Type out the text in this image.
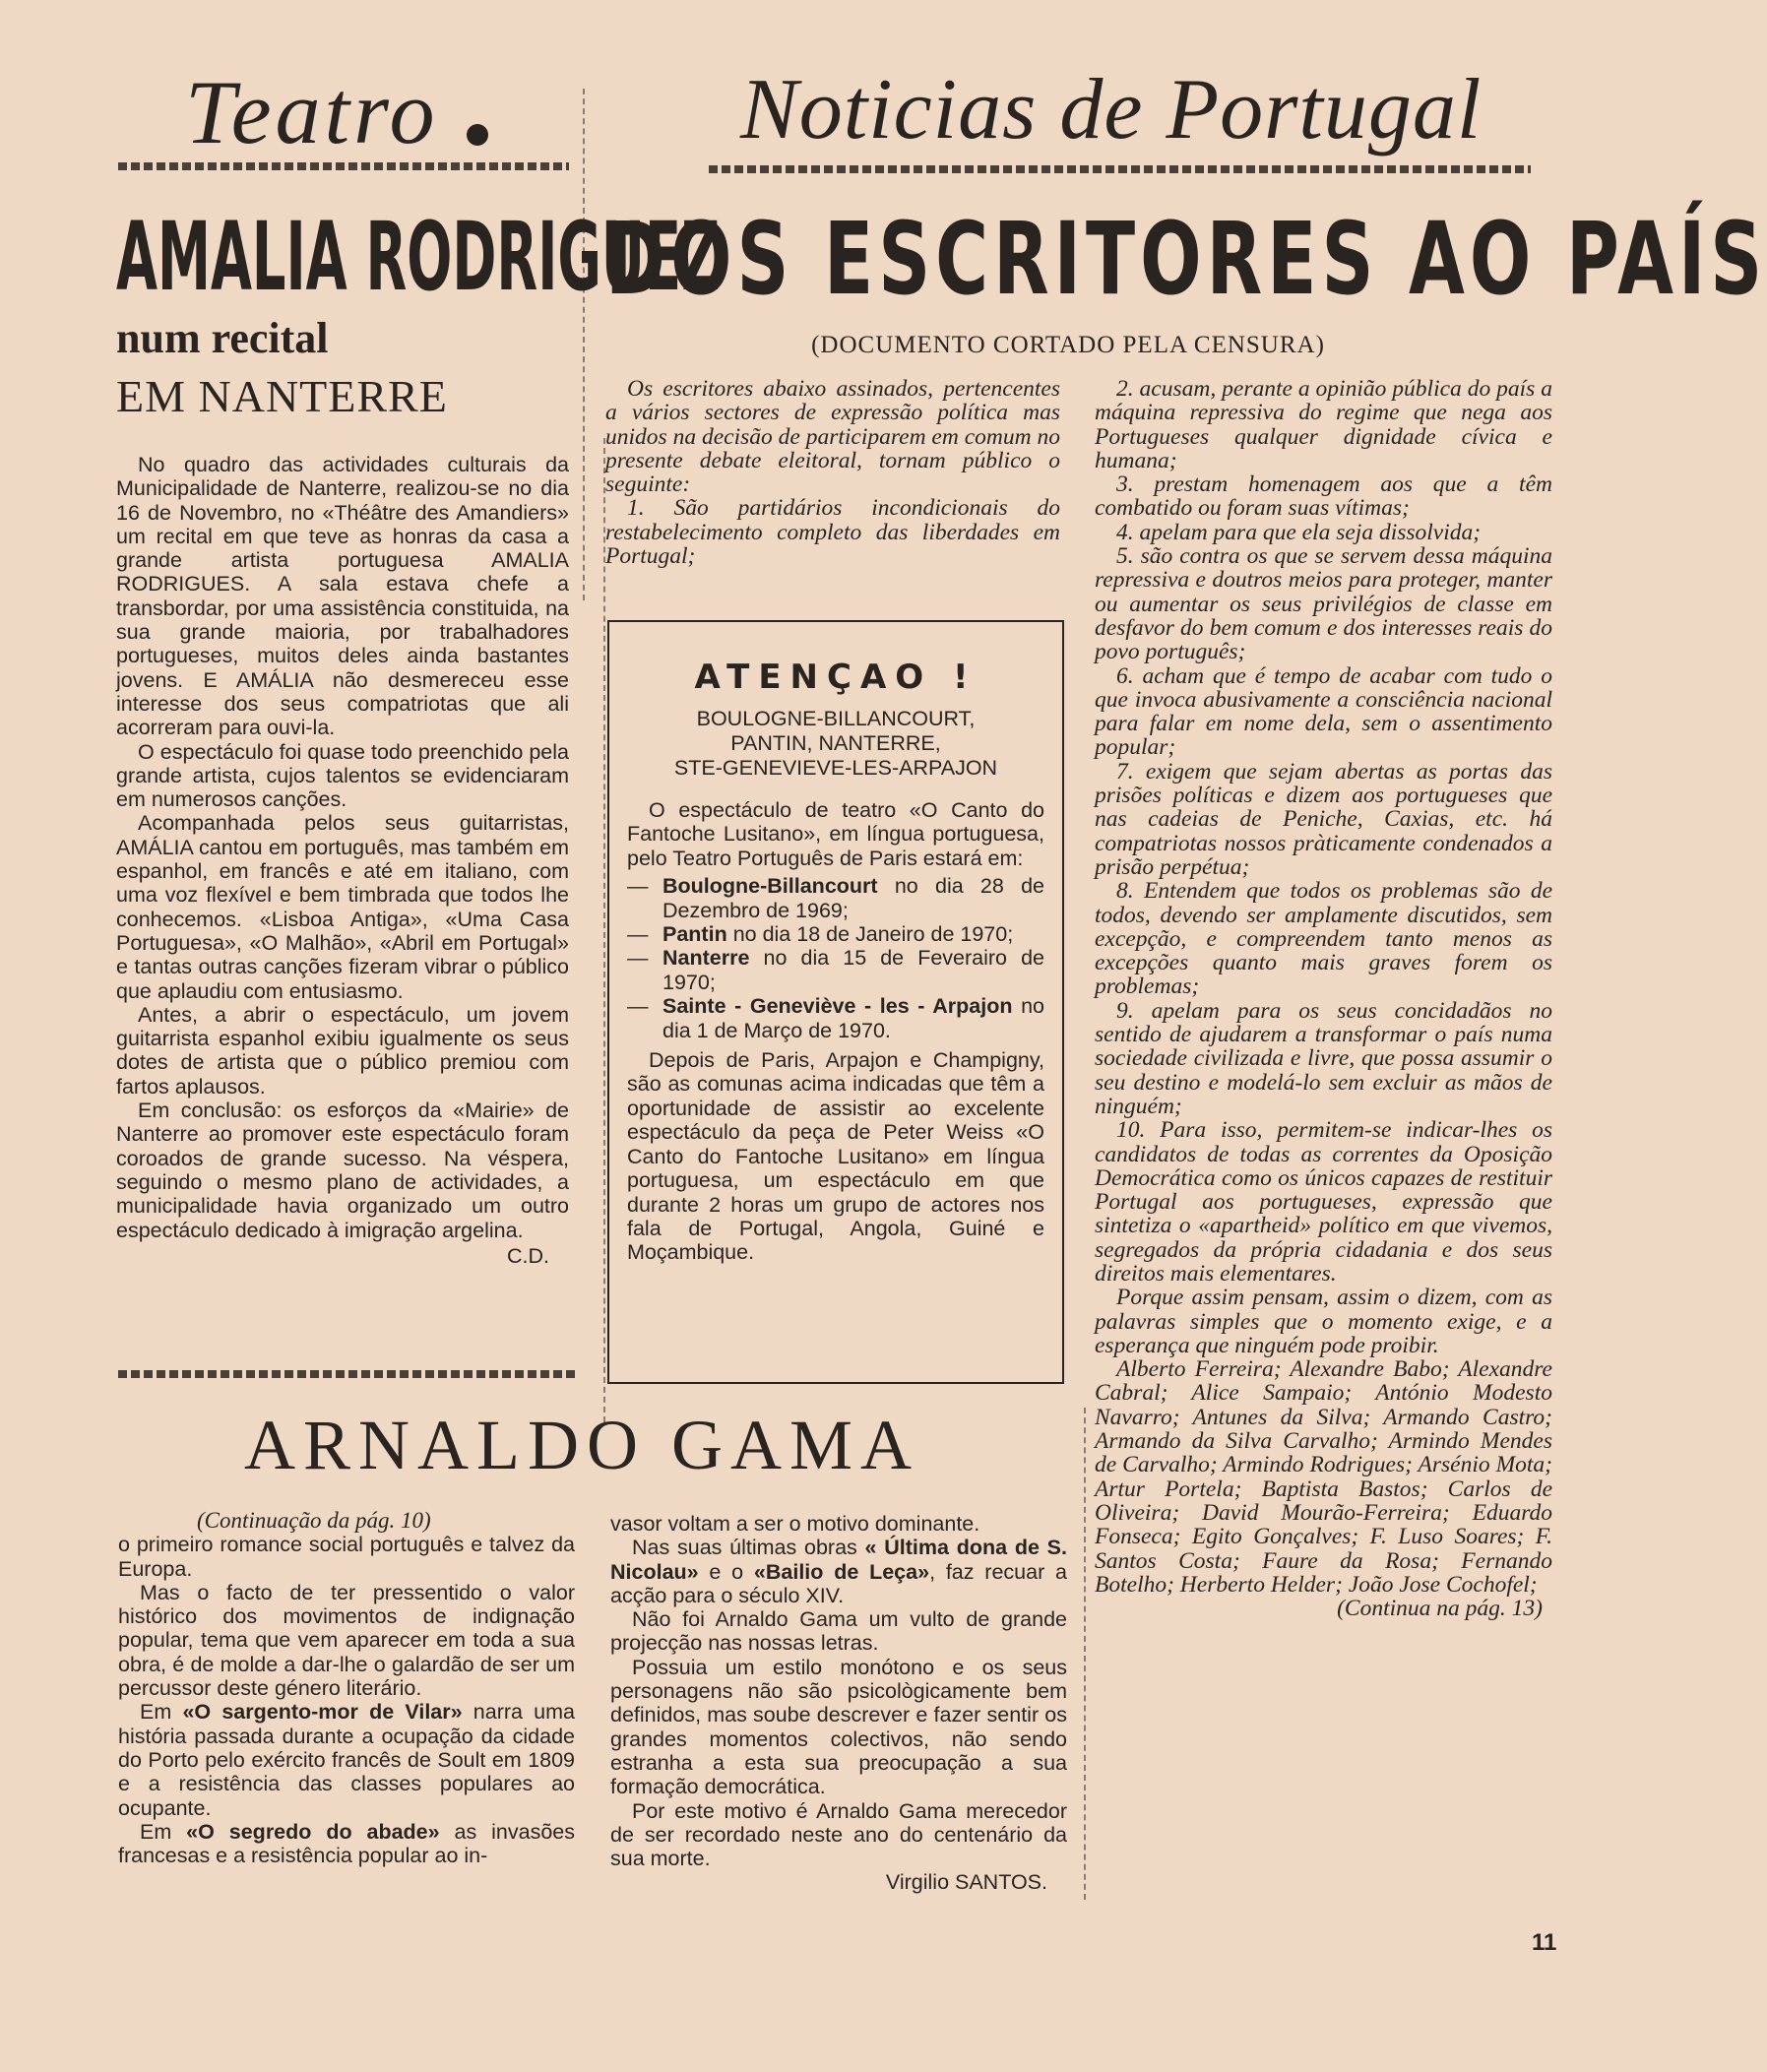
Teatro	Noticias de Portugal
AMALIA RODRIGUEZ
num recital
EM NANTERRE

No quadro das actividades culturais da Municipalidade de Nanterre, realizou-se no dia 16 de Novembro, no «Théâtre des Amandiers» um recital em que teve as honras da casa a grande artista portuguesa AMALIA RODRIGUES. A sala estava chefe a transbordar, por uma assistência constituida, na sua grande maioria, por trabalhadores portugueses, muitos deles ainda bastantes jovens. E AMÁLIA não desmereceu esse interesse dos seus compatriotas que ali acorreram para ouvi-la.

O espectáculo foi quase todo preenchido pela grande artista, cujos talentos se evidenciaram em numerosos canções.

Acompanhada pelos seus guitarristas, AMÁLIA cantou em português, mas também em espanhol, em francês e até em italiano, com uma voz flexível e bem timbrada que todos lhe conhecemos. «Lisboa Antiga», «Uma Casa Portuguesa», «O Malhão», «Abril em Portugal» e tantas outras canções fizeram vibrar o público que aplaudiu com entusiasmo.

Antes, a abrir o espectáculo, um jovem guitarrista espanhol exibiu igualmente os seus dotes de artista que o público premiou com fartos aplausos.

Em conclusão: os esforços da «Mairie» de Nanterre ao promover este espectáculo foram coroados de grande sucesso. Na véspera, seguindo o mesmo plano de actividades, a municipalidade havia organizado um outro espectáculo dedicado à imigração argelina.

C.D.
DOS ESCRITORES AO PAÍS
(DOCUMENTO CORTADO PELA CENSURA)

Os escritores abaixo assinados, pertencentes a vários sectores de expressão política mas unidos na decisão de participarem em comum no presente debate eleitoral, tornam público o seguinte:

1. São partidários incondicionais do restabelecimento completo das liberdades em Portugal;

2. acusam, perante a opinião pública do país a máquina repressiva do regime que nega aos Portugueses qualquer dignidade cívica e humana;

3. prestam homenagem aos que a têm combatido ou foram suas vítimas;

4. apelam para que ela seja dissolvida;

5. são contra os que se servem dessa máquina repressiva e doutros meios para proteger, manter ou aumentar os seus privilégios de classe em desfavor do bem comum e dos interesses reais do povo português;

6. acham que é tempo de acabar com tudo o que invoca abusivamente a consciência nacional para falar em nome dela, sem o assentimento popular;

7. exigem que sejam abertas as portas das prisões políticas e dizem aos portugueses que nas cadeias de Peniche, Caxias, etc. há compatriotas nossos pràticamente condenados a prisão perpétua;

8. Entendem que todos os problemas são de todos, devendo ser amplamente discutidos, sem excepção, e compreendem tanto menos as excepções quanto mais graves forem os problemas;

9. apelam para os seus concidadãos no sentido de ajudarem a transformar o país numa sociedade civilizada e livre, que possa assumir o seu destino e modelá-lo sem excluir as mãos de ninguém;

10. Para isso, permitem-se indicar-lhes os candidatos de todas as correntes da Oposição Democrática como os únicos capazes de restituir Portugal aos portugueses, expressão que sintetiza o «apartheid» político em que vivemos, segregados da própria cidadania e dos seus direitos mais elementares.

Porque assim pensam, assim o dizem, com as palavras simples que o momento exige, e a esperança que ninguém pode proibir.

Alberto Ferreira; Alexandre Babo; Alexandre Cabral; Alice Sampaio; António Modesto Navarro; Antunes da Silva; Armando Castro; Armando da Silva Carvalho; Armindo Mendes de Carvalho; Armindo Rodrigues; Arsénio Mota; Artur Portela; Baptista Bastos; Carlos de Oliveira; David Mourão-Ferreira; Eduardo Fonseca; Egito Gonçalves; F. Luso Soares; F. Santos Costa; Faure da Rosa; Fernando Botelho; Herberto Helder; João Jose Cochofel;

(Continua na pág. 13)
ATENÇAO !
BOULOGNE-BILLANCOURT,
PANTIN, NANTERRE,
STE-GENEVIEVE-LES-ARPAJON

O espectáculo de teatro «O Canto do Fantoche Lusitano», em língua portuguesa, pelo Teatro Português de Paris estará em:

— Boulogne-Billancourt no dia 28 de Dezembro de 1969;
— Pantin no dia 18 de Janeiro de 1970;
— Nanterre no dia 15 de Feverairo de 1970;
— Sainte - Geneviève - les - Arpajon no dia 1 de Março de 1970.

Depois de Paris, Arpajon e Champigny, são as comunas acima indicadas que têm a oportunidade de assistir ao excelente espectáculo da peça de Peter Weiss «O Canto do Fantoche Lusitano» em língua portuguesa, um espectáculo em que durante 2 horas um grupo de actores nos fala de Portugal, Angola, Guiné e Moçambique.

ARNALDO GAMA
(Continuação da pág. 10)

o primeiro romance social português e talvez da Europa.

Mas o facto de ter pressentido o valor histórico dos movimentos de indignação popular, tema que vem aparecer em toda a sua obra, é de molde a dar-lhe o galardão de ser um percussor deste género literário.

Em «O sargento-mor de Vilar» narra uma história passada durante a ocupação da cidade do Porto pelo exército francês de Soult em 1809 e a resistência das classes populares ao ocupante.

Em «O segredo do abade» as invasões francesas e a resistência popular ao in-

vasor voltam a ser o motivo dominante.

Nas suas últimas obras « Última dona de S. Nicolau» e o «Bailio de Leça», faz recuar a acção para o século XIV.

Não foi Arnaldo Gama um vulto de grande projecção nas nossas letras.

Possuia um estilo monótono e os seus personagens não são psicològicamente bem definidos, mas soube descrever e fazer sentir os grandes momentos colectivos, não sendo estranha a esta sua preocupação a sua formação democrática.

Por este motivo é Arnaldo Gama merecedor de ser recordado neste ano do centenário da sua morte.

Virgilio SANTOS.
11
